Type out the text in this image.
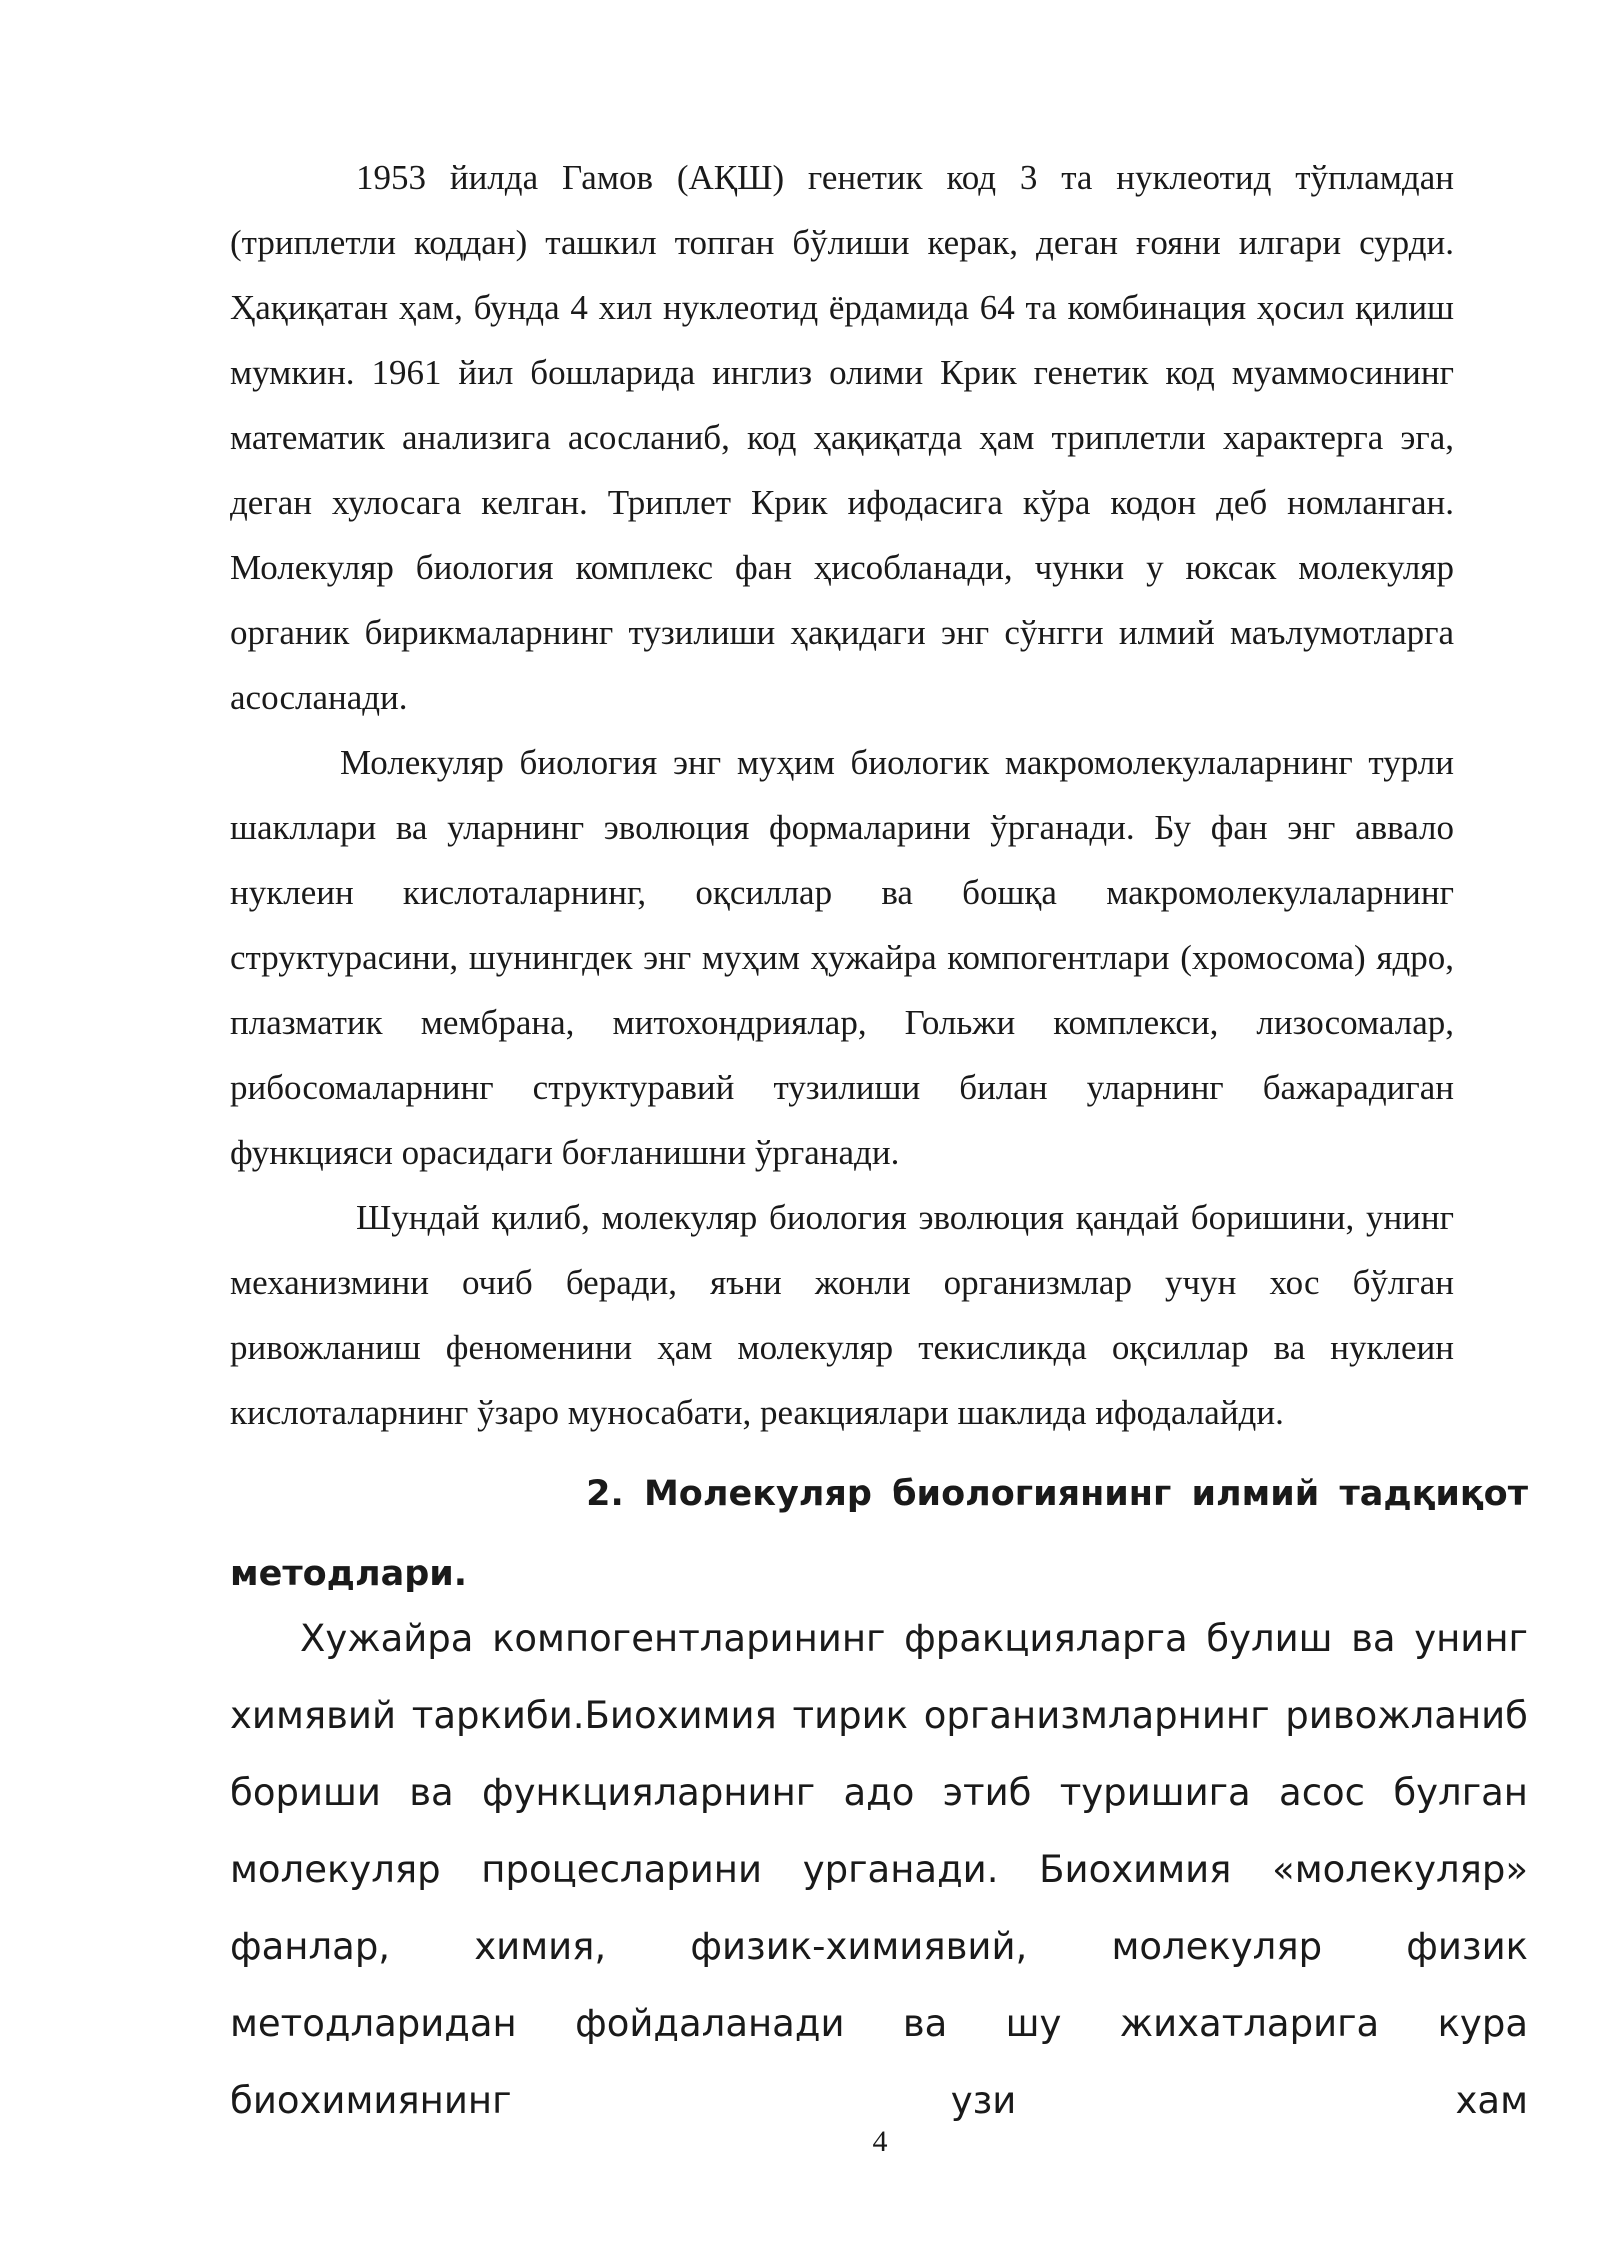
1953 йилда Гамов (АҚШ) генетик код 3 та нуклеотид тўпламдан (триплетли коддан) ташкил топган бўлиши керак, деган ғояни илгари сурди. Ҳақиқатан ҳам, бунда 4 хил нуклеотид ёрдамида 64 та комбинация ҳосил қилиш мумкин. 1961 йил бошларида инглиз олими Крик генетик код муаммосининг математик анализига асосланиб, код ҳақиқатда ҳам триплетли характерга эга, деган хулосага келган. Триплет Крик ифодасига кўра кодон деб номланган. Молекуляр биология комплекс фан ҳисобланади, чунки у юксак молекуляр органик бирикмаларнинг тузилиши ҳақидаги энг сўнгги илмий маълумотларга асосланади.

Молекуляр биология энг муҳим биологик макромолекулаларнинг турли шакллари ва уларнинг эволюция формаларини ўрганади. Бу фан энг аввало нуклеин кислоталарнинг, оқсиллар ва бошқа макромолекулаларнинг структурасини, шунингдек энг муҳим ҳужайра компогентлари (хромосома) ядро, плазматик мембрана, митохондриялар, Гольжи комплекси, лизосомалар, рибосомаларнинг структуравий тузилиши билан уларнинг бажарадиган функцияси орасидаги боғланишни ўрганади.

Шундай қилиб, молекуляр биология эволюция қандай боришини, унинг механизмини очиб беради, яъни жонли организмлар учун хос бўлган ривожланиш феноменини ҳам молекуляр текисликда оқсиллар ва нуклеин кислоталарнинг ўзаро муносабати, реакциялари шаклида ифодалайди.

2. Молекуляр биологиянинг илмий тадқиқот
методлари.

Хужайра компогентларининг фракцияларга булиш ва унинг химявий таркиби.Биохимия тирик организмларнинг ривожланиб бориши ва функцияларнинг адо этиб туришига асос булган молекуляр процесларини урганади. Биохимия «молекуляр» фанлар, химия, физик-химиявий, молекуляр физик методларидан фойдаланади ва шу жихатларига кура биохимиянинг узи хам

4
